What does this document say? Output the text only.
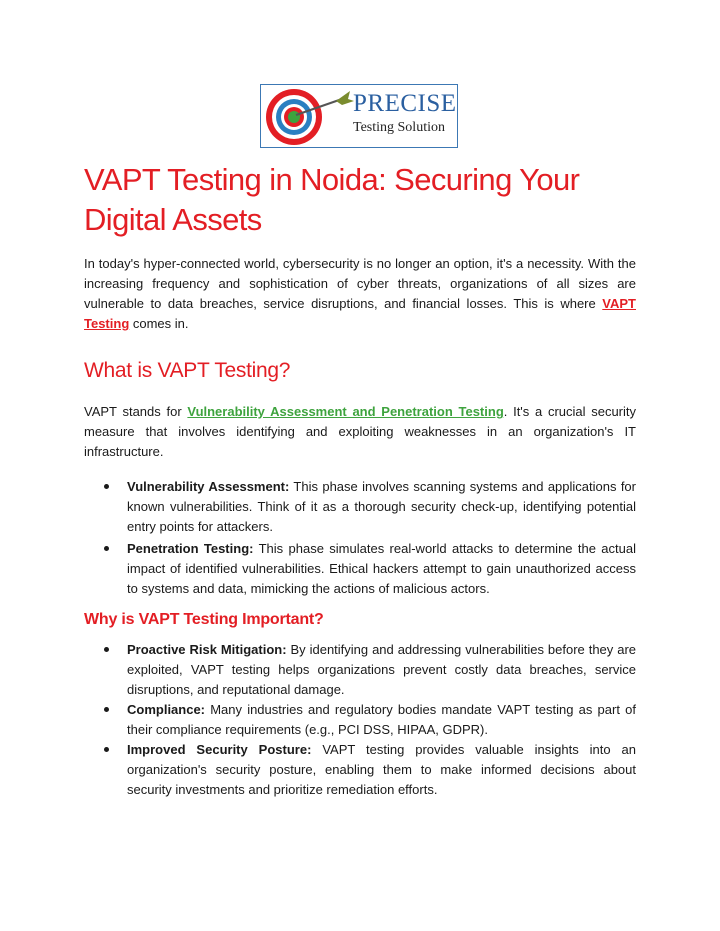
PRECISE
Testing Solution
VAPT Testing in Noida: Securing Your Digital Assets

In today's hyper-connected world, cybersecurity is no longer an option, it's a necessity. With the increasing frequency and sophistication of cyber threats, organizations of all sizes are vulnerable to data breaches, service disruptions, and financial losses. This is where VAPT Testing comes in.

What is VAPT Testing?

VAPT stands for Vulnerability Assessment and Penetration Testing. It's a crucial security measure that involves identifying and exploiting weaknesses in an organization's IT infrastructure.

Vulnerability Assessment: This phase involves scanning systems and applications for known vulnerabilities. Think of it as a thorough security check-up, identifying potential entry points for attackers.
Penetration Testing: This phase simulates real-world attacks to determine the actual impact of identified vulnerabilities. Ethical hackers attempt to gain unauthorized access to systems and data, mimicking the actions of malicious actors.
Why is VAPT Testing Important?
Proactive Risk Mitigation: By identifying and addressing vulnerabilities before they are exploited, VAPT testing helps organizations prevent costly data breaches, service disruptions, and reputational damage.
Compliance: Many industries and regulatory bodies mandate VAPT testing as part of their compliance requirements (e.g., PCI DSS, HIPAA, GDPR).
Improved Security Posture: VAPT testing provides valuable insights into an organization's security posture, enabling them to make informed decisions about security investments and prioritize remediation efforts.
